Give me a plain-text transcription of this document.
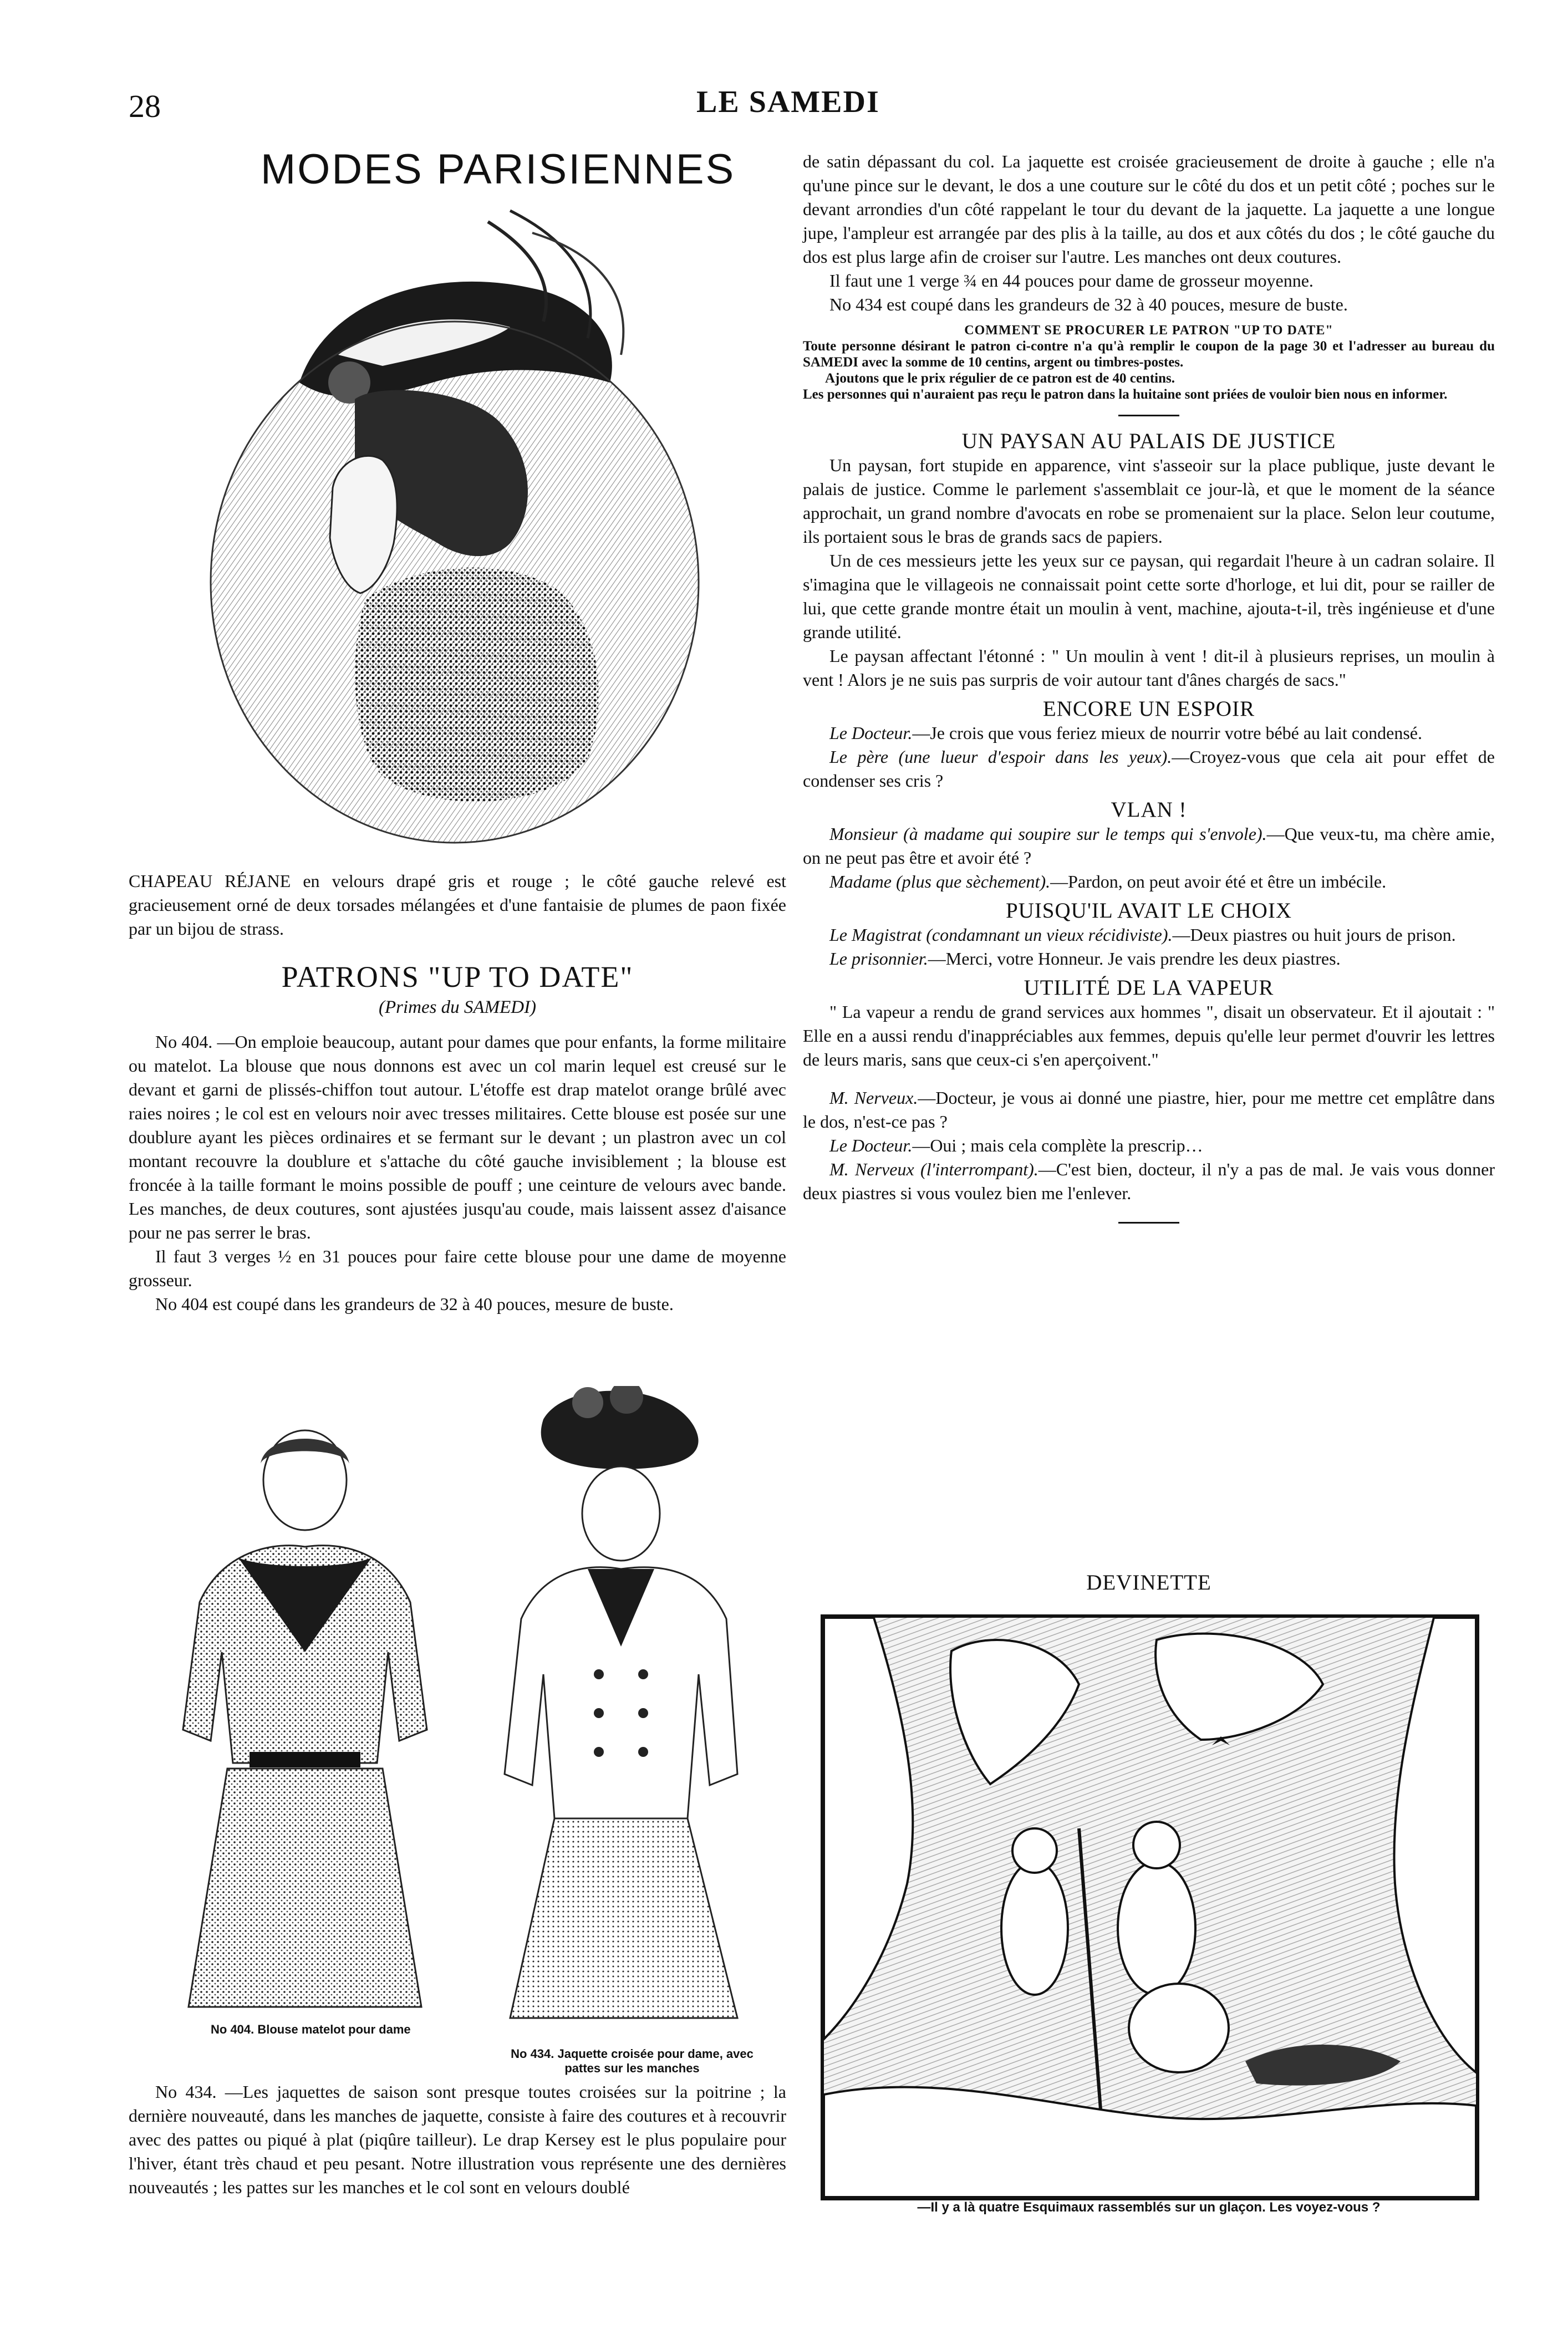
28	LE SAMEDI
MODES PARISIENNES

CHAPEAU RÉJANE en velours drapé gris et rouge ; le côté gauche relevé est gracieusement orné de deux torsades mélangées et d'une fantaisie de plumes de paon fixée par un bijou de strass.

PATRONS "UP TO DATE"

(Primes du SAMEDI)

No 404. —On emploie beaucoup, autant pour dames que pour enfants, la forme militaire ou matelot. La blouse que nous donnons est avec un col marin lequel est creusé sur le devant et garni de plissés-chiffon tout autour. L'étoffe est drap matelot orange brûlé avec raies noires ; le col est en velours noir avec tresses militaires. Cette blouse est posée sur une doublure ayant les pièces ordinaires et se fermant sur le devant ; un plastron avec un col montant recouvre la doublure et s'attache du côté gauche invisiblement ; la blouse est froncée à la taille formant le moins possible de pouff ; une ceinture de velours avec bande. Les manches, de deux coutures, sont ajustées jusqu'au coude, mais laissent assez d'aisance pour ne pas serrer le bras.

Il faut 3 verges ½ en 31 pouces pour faire cette blouse pour une dame de moyenne grosseur.

No 404 est coupé dans les grandeurs de 32 à 40 pouces, mesure de buste.

No 404. Blouse matelot pour dame
No 434. Jaquette croisée pour dame, avec pattes sur les manches

No 434. —Les jaquettes de saison sont presque toutes croisées sur la poitrine ; la dernière nouveauté, dans les manches de jaquette, consiste à faire des coutures et à recouvrir avec des pattes ou piqué à plat (piqûre tailleur). Le drap Kersey est le plus populaire pour l'hiver, étant très chaud et peu pesant. Notre illustration vous représente une des dernières nouveautés ; les pattes sur les manches et le col sont en velours doublé

de satin dépassant du col. La jaquette est croisée gracieusement de droite à gauche ; elle n'a qu'une pince sur le devant, le dos a une couture sur le côté du dos et un petit côté ; poches sur le devant arrondies d'un côté rappelant le tour du devant de la jaquette. La jaquette a une longue jupe, l'ampleur est arrangée par des plis à la taille, au dos et aux côtés du dos ; le côté gauche du dos est plus large afin de croiser sur l'autre. Les manches ont deux coutures.

Il faut une 1 verge ¾ en 44 pouces pour dame de grosseur moyenne.

No 434 est coupé dans les grandeurs de 32 à 40 pouces, mesure de buste.

COMMENT SE PROCURER LE PATRON "UP TO DATE"

Toute personne désirant le patron ci-contre n'a qu'à remplir le coupon de la page 30 et l'adresser au bureau du SAMEDI avec la somme de 10 centins, argent ou timbres-postes.

Ajoutons que le prix régulier de ce patron est de 40 centins.

Les personnes qui n'auraient pas reçu le patron dans la huitaine sont priées de vouloir bien nous en informer.

UN PAYSAN AU PALAIS DE JUSTICE

Un paysan, fort stupide en apparence, vint s'asseoir sur la place publique, juste devant le palais de justice. Comme le parlement s'assemblait ce jour-là, et que le moment de la séance approchait, un grand nombre d'avocats en robe se promenaient sur la place. Selon leur coutume, ils portaient sous le bras de grands sacs de papiers.

Un de ces messieurs jette les yeux sur ce paysan, qui regardait l'heure à un cadran solaire. Il s'imagina que le villageois ne connaissait point cette sorte d'horloge, et lui dit, pour se railler de lui, que cette grande montre était un moulin à vent, machine, ajouta-t-il, très ingénieuse et d'une grande utilité.

Le paysan affectant l'étonné : " Un moulin à vent ! dit-il à plusieurs reprises, un moulin à vent ! Alors je ne suis pas surpris de voir autour tant d'ânes chargés de sacs."

ENCORE UN ESPOIR

Le Docteur.—Je crois que vous feriez mieux de nourrir votre bébé au lait condensé.

Le père (une lueur d'espoir dans les yeux).—Croyez-vous que cela ait pour effet de condenser ses cris ?

VLAN !

Monsieur (à madame qui soupire sur le temps qui s'envole).—Que veux-tu, ma chère amie, on ne peut pas être et avoir été ?

Madame (plus que sèchement).—Pardon, on peut avoir été et être un imbécile.

PUISQU'IL AVAIT LE CHOIX

Le Magistrat (condamnant un vieux récidiviste).—Deux piastres ou huit jours de prison.

Le prisonnier.—Merci, votre Honneur. Je vais prendre les deux piastres.

UTILITÉ DE LA VAPEUR

" La vapeur a rendu de grand services aux hommes ", disait un observateur. Et il ajoutait : " Elle en a aussi rendu d'inappréciables aux femmes, depuis qu'elle leur permet d'ouvrir les lettres de leurs maris, sans que ceux-ci s'en aperçoivent."

M. Nerveux.—Docteur, je vous ai donné une piastre, hier, pour me mettre cet emplâtre dans le dos, n'est-ce pas ?

Le Docteur.—Oui ; mais cela complète la prescrip…

M. Nerveux (l'interrompant).—C'est bien, docteur, il n'y a pas de mal. Je vais vous donner deux piastres si vous voulez bien me l'enlever.

DEVINETTE
—Il y a là quatre Esquimaux rassemblés sur un glaçon. Les voyez-vous ?
